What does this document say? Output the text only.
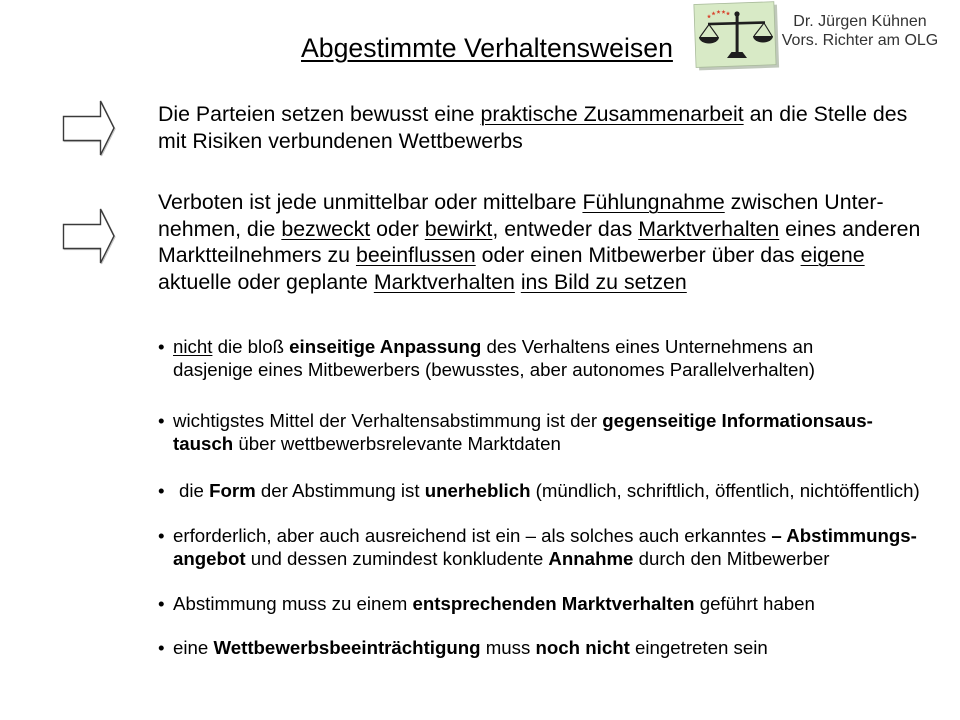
Abgestimmte Verhaltensweisen
Dr. Jürgen Kühnen
Vors. Richter am OLG
Die Parteien setzen bewusst eine praktische Zusammenarbeit an die Stelle des
mit Risiken verbundenen Wettbewerbs
Verboten ist jede unmittelbar oder mittelbare Fühlungnahme zwischen Unter-
nehmen, die bezweckt oder bewirkt, entweder das Marktverhalten eines anderen
Marktteilnehmers zu beeinflussen oder einen Mitbewerber über das eigene
aktuelle oder geplante Marktverhalten ins Bild zu setzen
• nicht die bloß einseitige Anpassung des Verhaltens eines Unternehmens an
dasjenige eines Mitbewerbers (bewusstes, aber autonomes Parallelverhalten)
• wichtigstes Mittel der Verhaltensabstimmung ist der gegenseitige Informationsaus-
tausch über wettbewerbsrelevante Marktdaten
• die Form der Abstimmung ist unerheblich (mündlich, schriftlich, öffentlich, nichtöffentlich)
• erforderlich, aber auch ausreichend ist ein – als solches auch erkanntes – Abstimmungs-
angebot und dessen zumindest konkludente Annahme durch den Mitbewerber
• Abstimmung muss zu einem entsprechenden Marktverhalten geführt haben
• eine Wettbewerbsbeeinträchtigung muss noch nicht eingetreten sein
